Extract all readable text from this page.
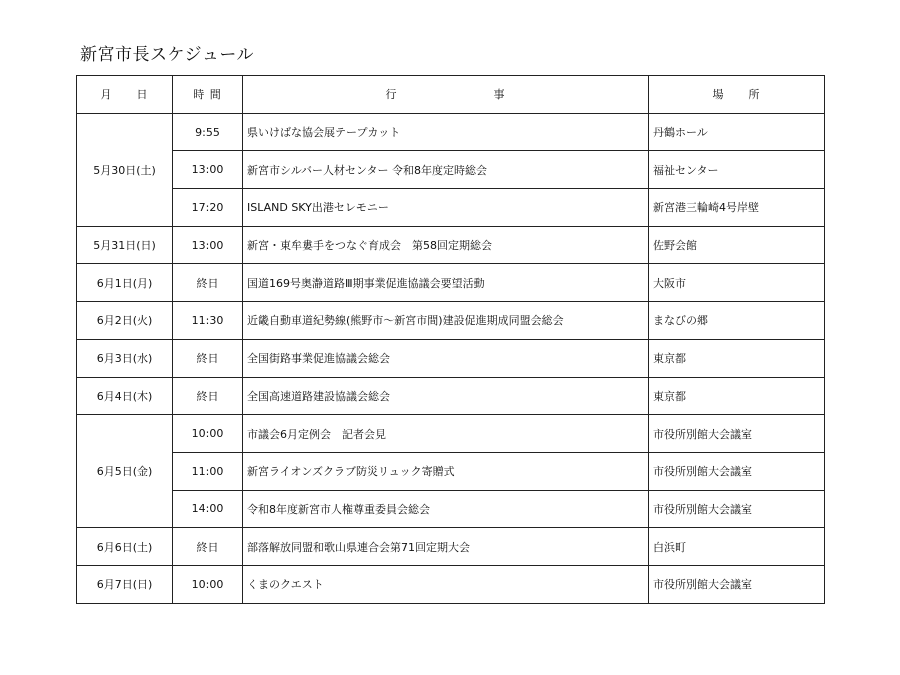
新宮市長スケジュール
月　　日	時 間	行　　　　　　　　事	場　　所
5月30日(土)	9:55	県いけばな協会展テープカット	丹鶴ホール
	13:00	新宮市シルバー人材センター 令和8年度定時総会	福祉センター
	17:20	ISLAND SKY出港セレモニー	新宮港三輪崎4号岸壁
5月31日(日)	13:00	新宮・東牟婁手をつなぐ育成会　第58回定期総会	佐野会館
6月1日(月)	終日	国道169号奥瀞道路Ⅲ期事業促進協議会要望活動	大阪市
6月2日(火)	11:30	近畿自動車道紀勢線(熊野市～新宮市間)建設促進期成同盟会総会	まなびの郷
6月3日(水)	終日	全国街路事業促進協議会総会	東京都
6月4日(木)	終日	全国高速道路建設協議会総会	東京都
6月5日(金)	10:00	市議会6月定例会　記者会見	市役所別館大会議室
	11:00	新宮ライオンズクラブ防災リュック寄贈式	市役所別館大会議室
	14:00	令和8年度新宮市人権尊重委員会総会	市役所別館大会議室
6月6日(土)	終日	部落解放同盟和歌山県連合会第71回定期大会	白浜町
6月7日(日)	10:00	くまのクエスト	市役所別館大会議室
